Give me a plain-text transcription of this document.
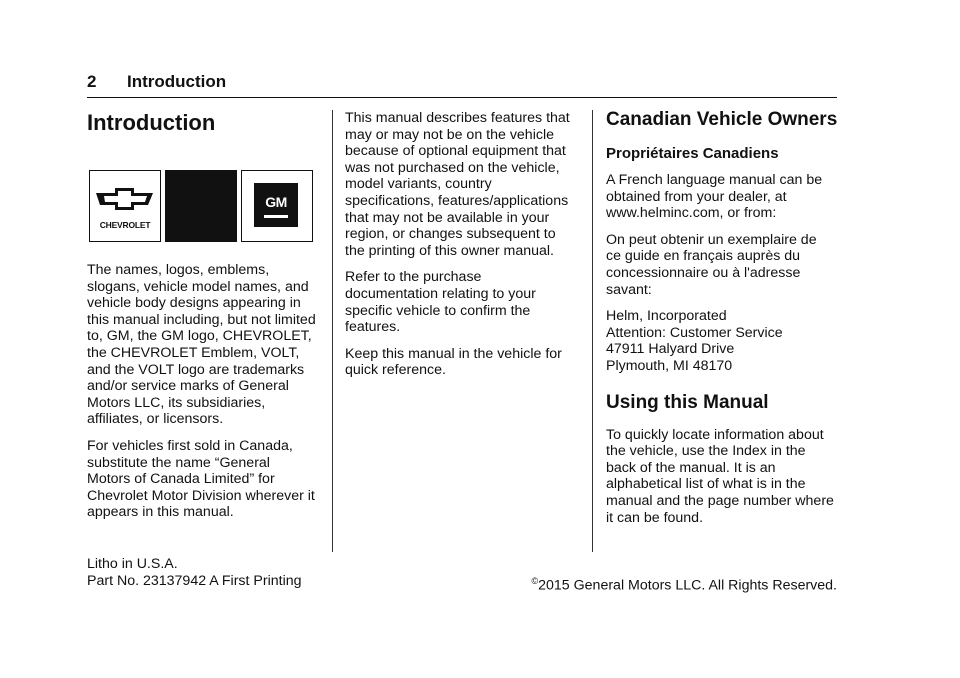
2 Introduction
Introduction
CHEVROLET
GM

The names, logos, emblems,
slogans, vehicle model names, and
vehicle body designs appearing in
this manual including, but not limited
to, GM, the GM logo, CHEVROLET,
the CHEVROLET Emblem, VOLT,
and the VOLT logo are trademarks
and/or service marks of General
Motors LLC, its subsidiaries,
affiliates, or licensors.

For vehicles first sold in Canada,
substitute the name “General
Motors of Canada Limited” for
Chevrolet Motor Division wherever it
appears in this manual.

This manual describes features that
may or may not be on the vehicle
because of optional equipment that
was not purchased on the vehicle,
model variants, country
specifications, features/applications
that may not be available in your
region, or changes subsequent to
the printing of this owner manual.

Refer to the purchase
documentation relating to your
specific vehicle to confirm the
features.

Keep this manual in the vehicle for
quick reference.

Canadian Vehicle Owners
Propriétaires Canadiens

A French language manual can be
obtained from your dealer, at
www.helminc.com, or from:

On peut obtenir un exemplaire de
ce guide en français auprès du
concessionnaire ou à l'adresse
savant:

Helm, Incorporated
Attention: Customer Service
47911 Halyard Drive
Plymouth, MI 48170

Using this Manual

To quickly locate information about
the vehicle, use the Index in the
back of the manual. It is an
alphabetical list of what is in the
manual and the page number where
it can be found.

Litho in U.S.A.
Part No. 23137942 A First Printing
	©2015 General Motors LLC. All Rights Reserved.
